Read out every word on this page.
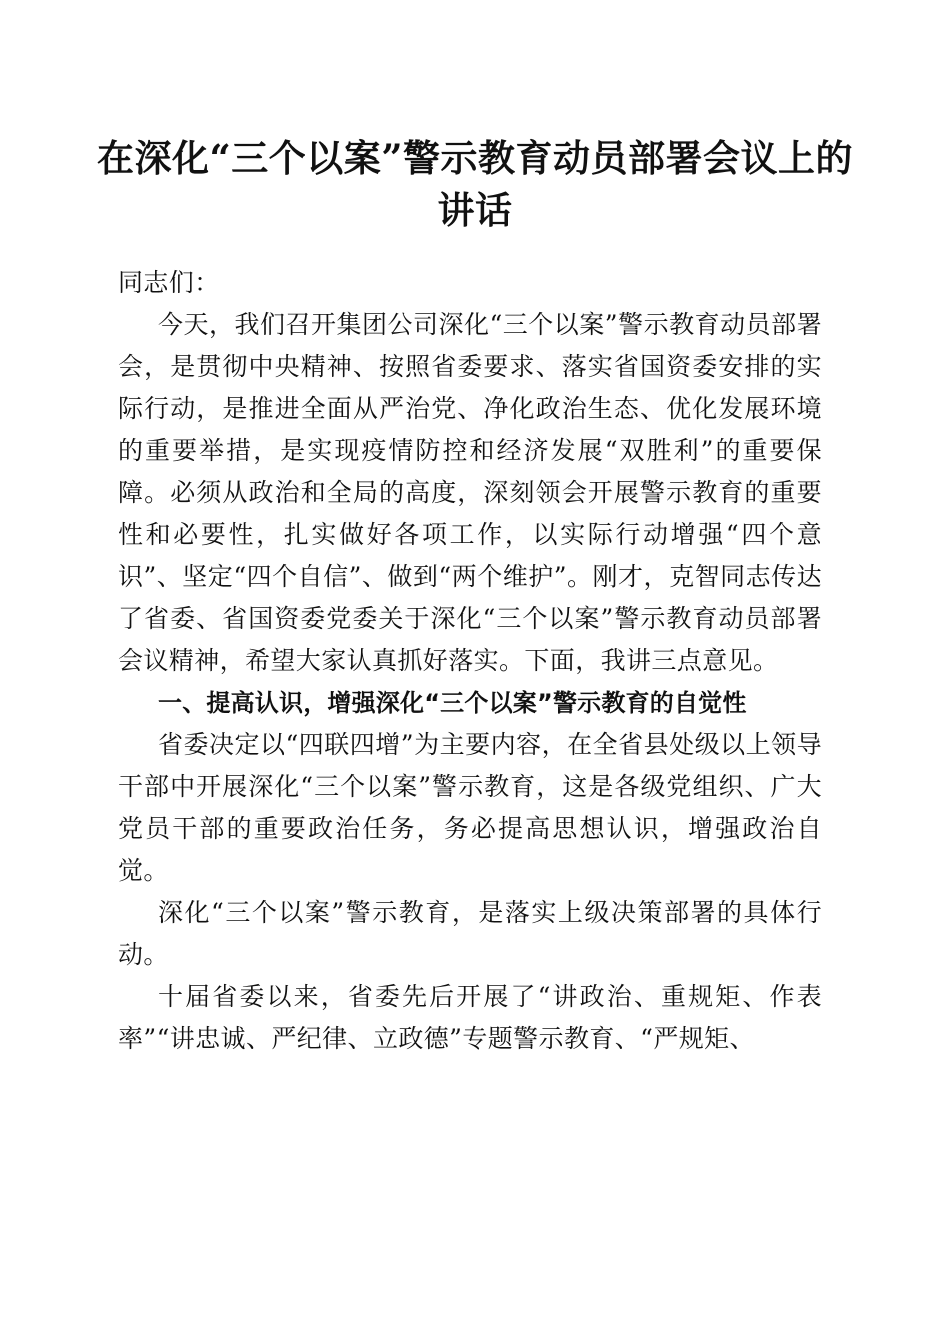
在深化“三个以案”警示教育动员部署会议上的讲话

同志们：

今天，我们召开集团公司深化“三个以案”警示教育动员部署会，是贯彻中央精神、按照省委要求、落实省国资委安排的实际行动，是推进全面从严治党、净化政治生态、优化发展环境的重要举措，是实现疫情防控和经济发展“双胜利”的重要保障。必须从政治和全局的高度，深刻领会开展警示教育的重要性和必要性，扎实做好各项工作，以实际行动增强“四个意识”、坚定“四个自信”、做到“两个维护”。刚才，克智同志传达了省委、省国资委党委关于深化“三个以案”警示教育动员部署会议精神，希望大家认真抓好落实。下面，我讲三点意见。

一、提高认识，增强深化“三个以案”警示教育的自觉性

省委决定以“四联四增”为主要内容，在全省县处级以上领导干部中开展深化“三个以案”警示教育，这是各级党组织、广大党员干部的重要政治任务，务必提高思想认识，增强政治自觉。

深化“三个以案”警示教育，是落实上级决策部署的具体行动。

十届省委以来，省委先后开展了“讲政治、重规矩、作表率”“讲忠诚、严纪律、立政德”专题警示教育、“严规矩、
